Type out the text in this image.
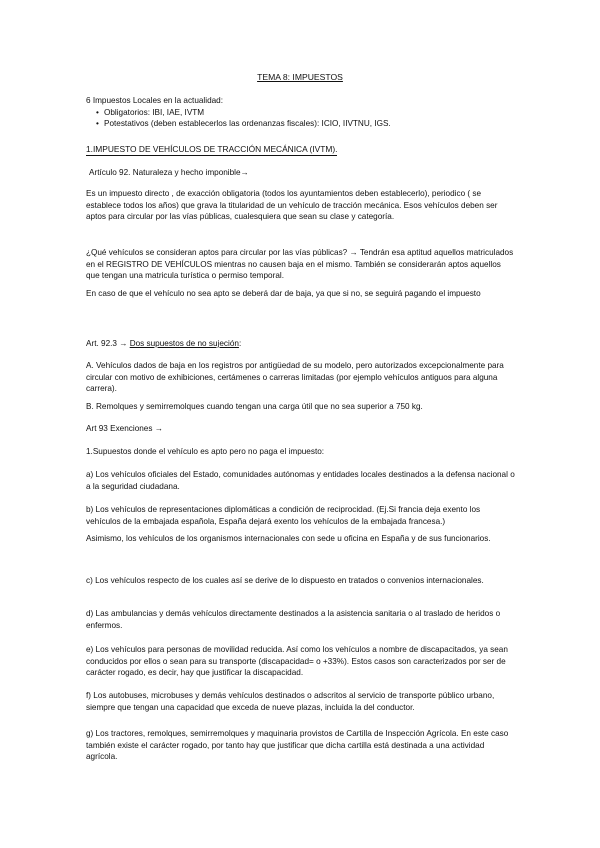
TEMA 8: IMPUESTOS

6 Impuestos Locales en la actualidad:

• Obligatorios: IBI, IAE, IVTM
• Potestativos (deben establecerlos las ordenanzas fiscales): ICIO, IIVTNU, IGS.
1.IMPUESTO DE VEHÍCULOS DE TRACCIÓN MECÁNICA (IVTM).
Artículo 92. Naturaleza y hecho imponible→
Es un impuesto directo , de exacción obligatoria (todos los ayuntamientos deben establecerlo), periodico ( se establece todos los años) que grava la titularidad de un vehículo de tracción mecánica. Esos vehículos deben ser aptos para circular por las vías públicas, cualesquiera que sean su clase y categoría.
¿Qué vehículos se consideran aptos para circular por las vías públicas? → Tendrán esa aptitud aquellos matriculados en el REGISTRO DE VEHÍCULOS mientras no causen baja en el mismo. También se considerarán aptos aquellos que tengan una matricula turística o permiso temporal.
En caso de que el vehículo no sea apto se deberá dar de baja, ya que si no, se seguirá pagando el impuesto
Art. 92.3 → Dos supuestos de no sujeción:
A. Vehículos dados de baja en los registros por antigüedad de su modelo, pero autorizados excepcionalmente para circular con motivo de exhibiciones, certámenes o carreras limitadas (por ejemplo vehículos antiguos para alguna carrera).
B. Remolques y semirremolques cuando tengan una carga útil que no sea superior a 750 kg.
Art 93 Exenciones →
1.Supuestos donde el vehículo es apto pero no paga el impuesto:
a) Los vehículos oficiales del Estado, comunidades autónomas y entidades locales destinados a la defensa nacional o a la seguridad ciudadana.
b) Los vehículos de representaciones diplomáticas a condición de reciprocidad. (Ej.Si francia deja exento los vehículos de la embajada española, España dejará exento los vehículos de la embajada francesa.)
Asimismo, los vehículos de los organismos internacionales con sede u oficina en España y de sus funcionarios.
c) Los vehículos respecto de los cuales así se derive de lo dispuesto en tratados o convenios internacionales.
d) Las ambulancias y demás vehículos directamente destinados a la asistencia sanitaria o al traslado de heridos o enfermos.
e) Los vehículos para personas de movilidad reducida. Así como los vehículos a nombre de discapacitados, ya sean conducidos por ellos o sean para su transporte (discapacidad= o +33%). Estos casos son caracterizados por ser de carácter rogado, es decir, hay que justificar la discapacidad.
f) Los autobuses, microbuses y demás vehículos destinados o adscritos al servicio de transporte público urbano, siempre que tengan una capacidad que exceda de nueve plazas, incluida la del conductor.
g) Los tractores, remolques, semirremolques y maquinaria provistos de Cartilla de Inspección Agrícola. En este caso también existe el carácter rogado, por tanto hay que justificar que dicha cartilla está destinada a una actividad agrícola.
